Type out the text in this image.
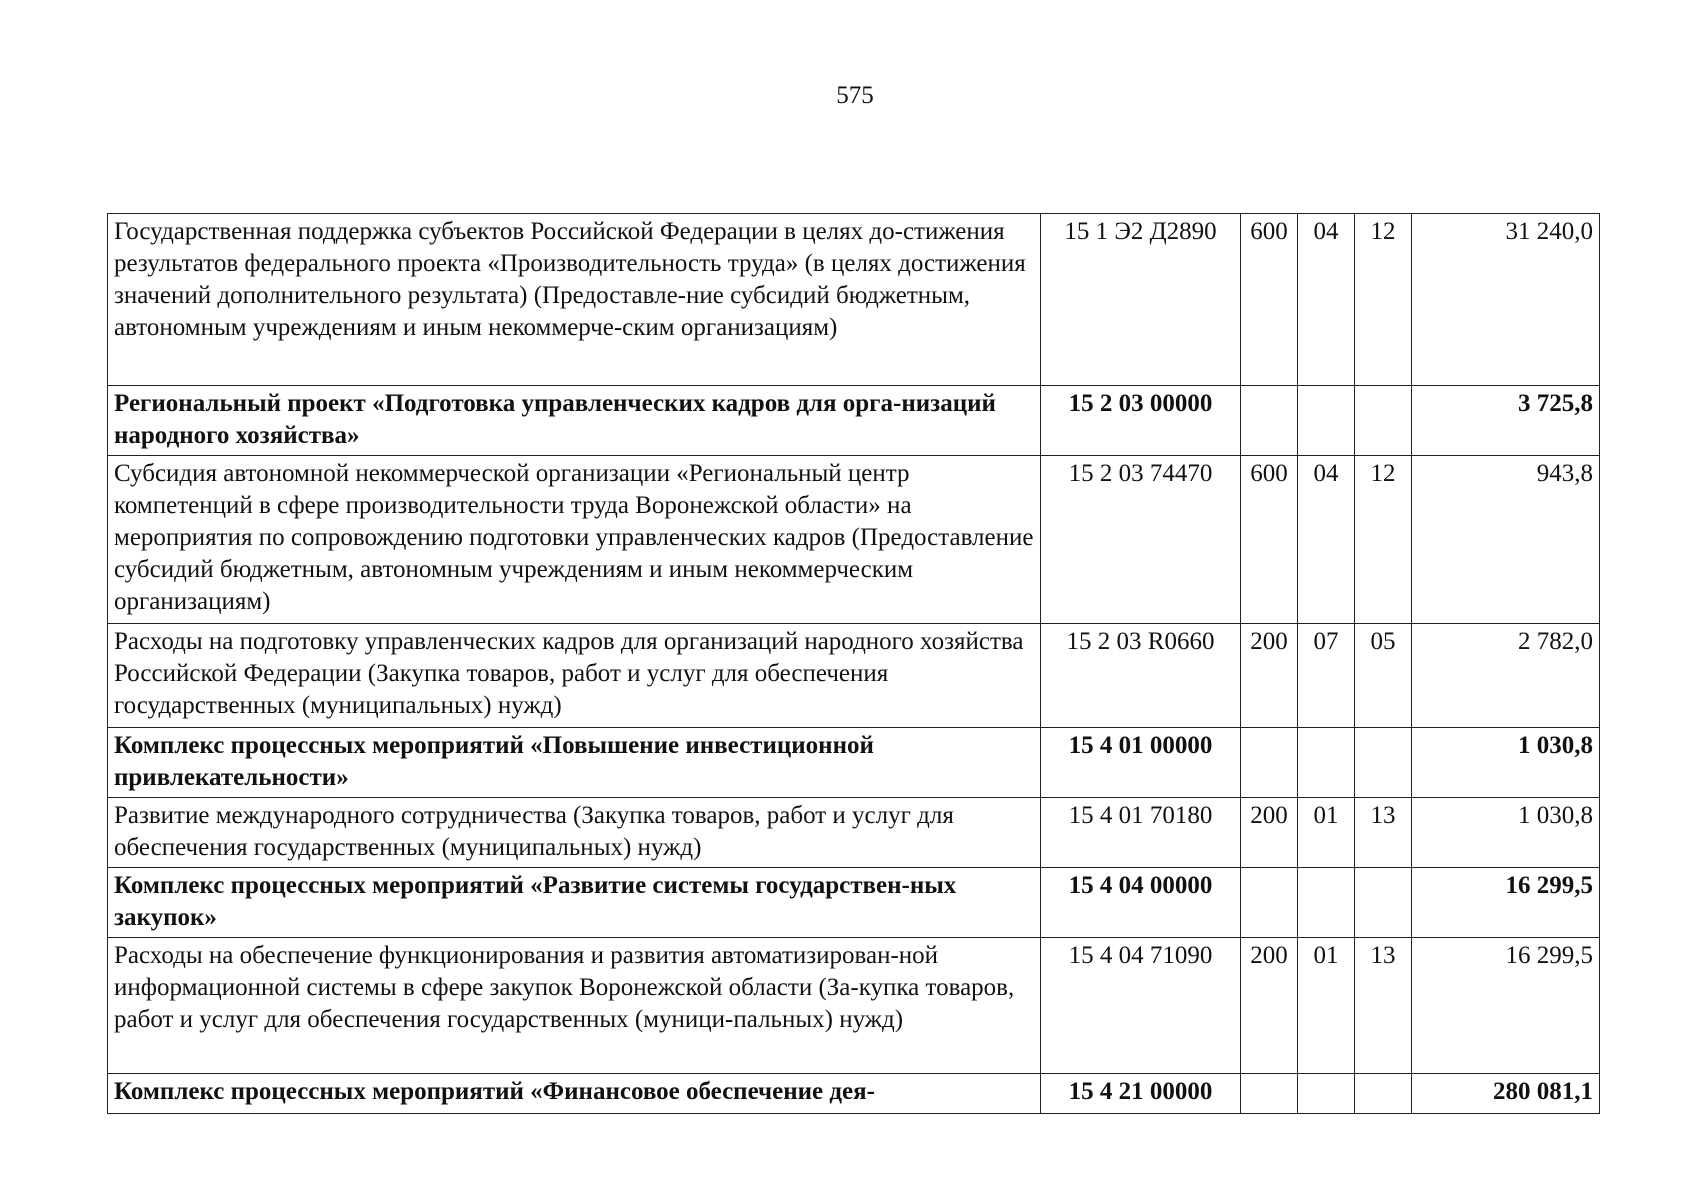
575
Государственная поддержка субъектов Российской Федерации в целях до-стижения результатов федерального проекта «Производительность труда» (в целях достижения значений дополнительного результата) (Предоставле-ние субсидий бюджетным, автономным учреждениям и иным некоммерче-ским организациям)	15 1 Э2 Д2890	600	04	12	31 240,0
Региональный проект «Подготовка управленческих кадров для орга-низаций народного хозяйства»	15 2 03 00000				3 725,8
Субсидия автономной некоммерческой организации «Региональный центр компетенций в сфере производительности труда Воронежской области» на мероприятия по сопровождению подготовки управленческих кадров (Предоставление субсидий бюджетным, автономным учреждениям и иным некоммерческим организациям)	15 2 03 74470	600	04	12	943,8
Расходы на подготовку управленческих кадров для организаций народного хозяйства Российской Федерации (Закупка товаров, работ и услуг для обеспечения государственных (муниципальных) нужд)	15 2 03 R0660	200	07	05	2 782,0
Комплекс процессных мероприятий «Повышение инвестиционной привлекательности»	15 4 01 00000				1 030,8
Развитие международного сотрудничества (Закупка товаров, работ и услуг для обеспечения государственных (муниципальных) нужд)	15 4 01 70180	200	01	13	1 030,8
Комплекс процессных мероприятий «Развитие системы государствен-ных закупок»	15 4 04 00000				16 299,5
Расходы на обеспечение функционирования и развития автоматизирован-ной информационной системы в сфере закупок Воронежской области (За-купка товаров, работ и услуг для обеспечения государственных (муници-пальных) нужд)	15 4 04 71090	200	01	13	16 299,5
Комплекс процессных мероприятий «Финансовое обеспечение дея-	15 4 21 00000				280 081,1
